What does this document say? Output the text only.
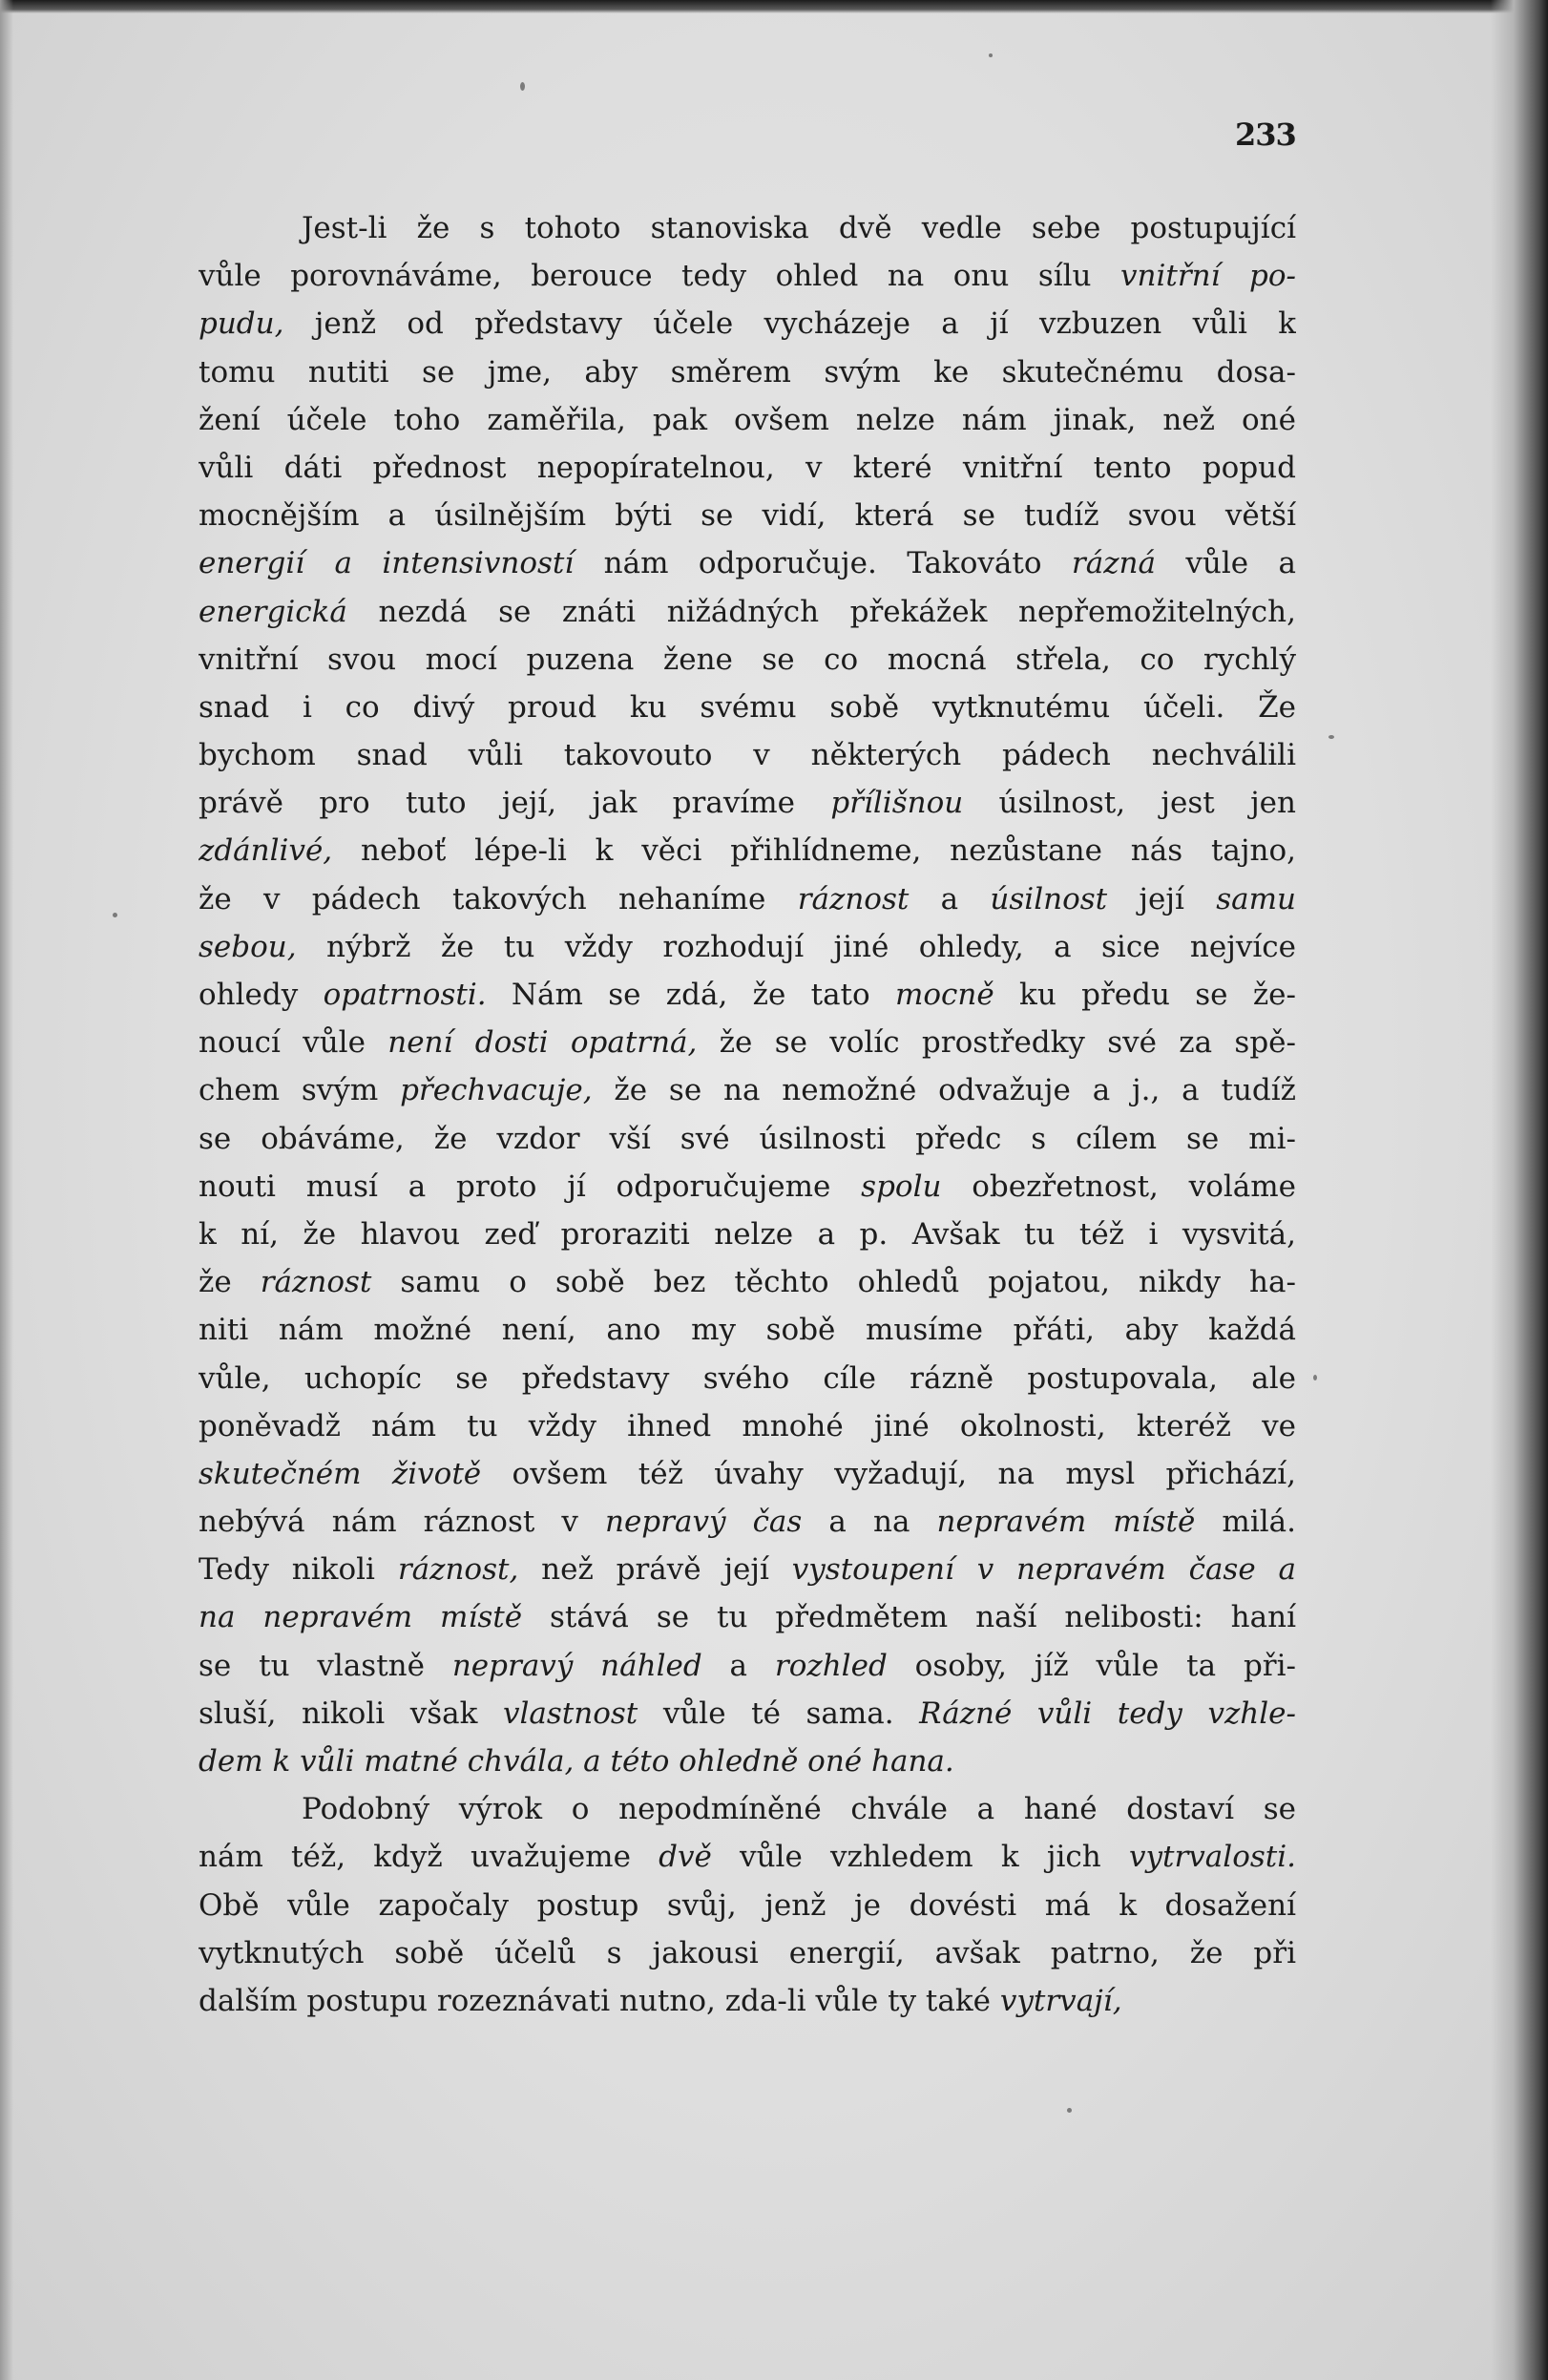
233
Jest-li že s tohoto stanoviska dvě vedle sebe postupující
vůle porovnáváme, berouce tedy ohled na onu sílu vnitřní po-
pudu, jenž od představy účele vycházeje a jí vzbuzen vůli k
tomu nutiti se jme, aby směrem svým ke skutečnému dosa-
žení účele toho zaměřila, pak ovšem nelze nám jinak, než oné
vůli dáti přednost nepopíratelnou, v které vnitřní tento popud
mocnějším a úsilnějším býti se vidí, která se tudíž svou větší
energií a intensivností nám odporučuje. Takováto rázná vůle a
energická nezdá se znáti nižádných překážek nepřemožitelných,
vnitřní svou mocí puzena žene se co mocná střela, co rychlý
snad i co divý proud ku svému sobě vytknutému účeli. Že
bychom snad vůli takovouto v některých pádech nechválili
právě pro tuto její, jak pravíme přílišnou úsilnost, jest jen
zdánlivé, neboť lépe-li k věci přihlídneme, nezůstane nás tajno,
že v pádech takových nehaníme ráznost a úsilnost její samu
sebou, nýbrž že tu vždy rozhodují jiné ohledy, a sice nejvíce
ohledy opatrnosti. Nám se zdá, že tato mocně ku předu se že-
noucí vůle není dosti opatrná, že se volíc prostředky své za spě-
chem svým přechvacuje, že se na nemožné odvažuje a j., a tudíž
se obáváme, že vzdor vší své úsilnosti předc s cílem se mi-
nouti musí a proto jí odporučujeme spolu obezřetnost, voláme
k ní, že hlavou zeď proraziti nelze a p. Avšak tu též i vysvitá,
že ráznost samu o sobě bez těchto ohledů pojatou, nikdy ha-
niti nám možné není, ano my sobě musíme přáti, aby každá
vůle, uchopíc se představy svého cíle rázně postupovala, ale
poněvadž nám tu vždy ihned mnohé jiné okolnosti, kteréž ve
skutečném životě ovšem též úvahy vyžadují, na mysl přichází,
nebývá nám ráznost v nepravý čas a na nepravém místě milá.
Tedy nikoli ráznost, než právě její vystoupení v nepravém čase a
na nepravém místě stává se tu předmětem naší nelibosti: haní
se tu vlastně nepravý náhled a rozhled osoby, jíž vůle ta při-
sluší, nikoli však vlastnost vůle té sama. Rázné vůli tedy vzhle-
dem k vůli matné chvála, a této ohledně oné hana.
Podobný výrok o nepodmíněné chvále a hané dostaví se
nám též, když uvažujeme dvě vůle vzhledem k jich vytrvalosti.
Obě vůle započaly postup svůj, jenž je dovésti má k dosažení
vytknutých sobě účelů s jakousi energií, avšak patrno, že při
dalším postupu rozeznávati nutno, zda-li vůle ty také vytrvají,
